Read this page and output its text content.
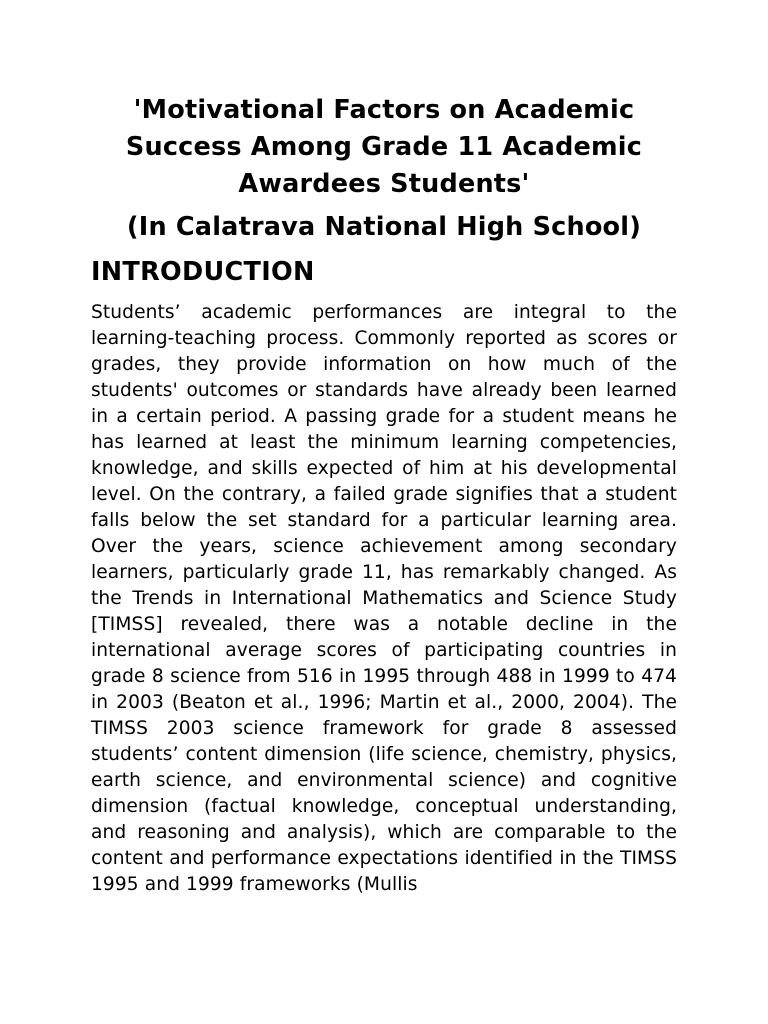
'Motivational Factors on Academic Success Among Grade 11 Academic Awardees Students'
(In Calatrava National High School)
INTRODUCTION

Students’ academic performances are integral to the learning-teaching process. Commonly reported as scores or grades, they provide information on how much of the students' outcomes or standards have already been learned in a certain period. A passing grade for a student means he has learned at least the minimum learning competencies, knowledge, and skills expected of him at his developmental level. On the contrary, a failed grade signifies that a student falls below the set standard for a particular learning area. Over the years, science achievement among secondary learners, particularly grade 11, has remarkably changed. As the Trends in International Mathematics and Science Study [TIMSS] revealed, there was a notable decline in the international average scores of participating countries in grade 8 science from 516 in 1995 through 488 in 1999 to 474 in 2003 (Beaton et al., 1996; Martin et al., 2000, 2004). The TIMSS 2003 science framework for grade 8 assessed students’ content dimension (life science, chemistry, physics, earth science, and environmental science) and cognitive dimension (factual knowledge, conceptual understanding, and reasoning and analysis), which are comparable to the content and performance expectations identified in the TIMSS 1995 and 1999 frameworks (Mullis
